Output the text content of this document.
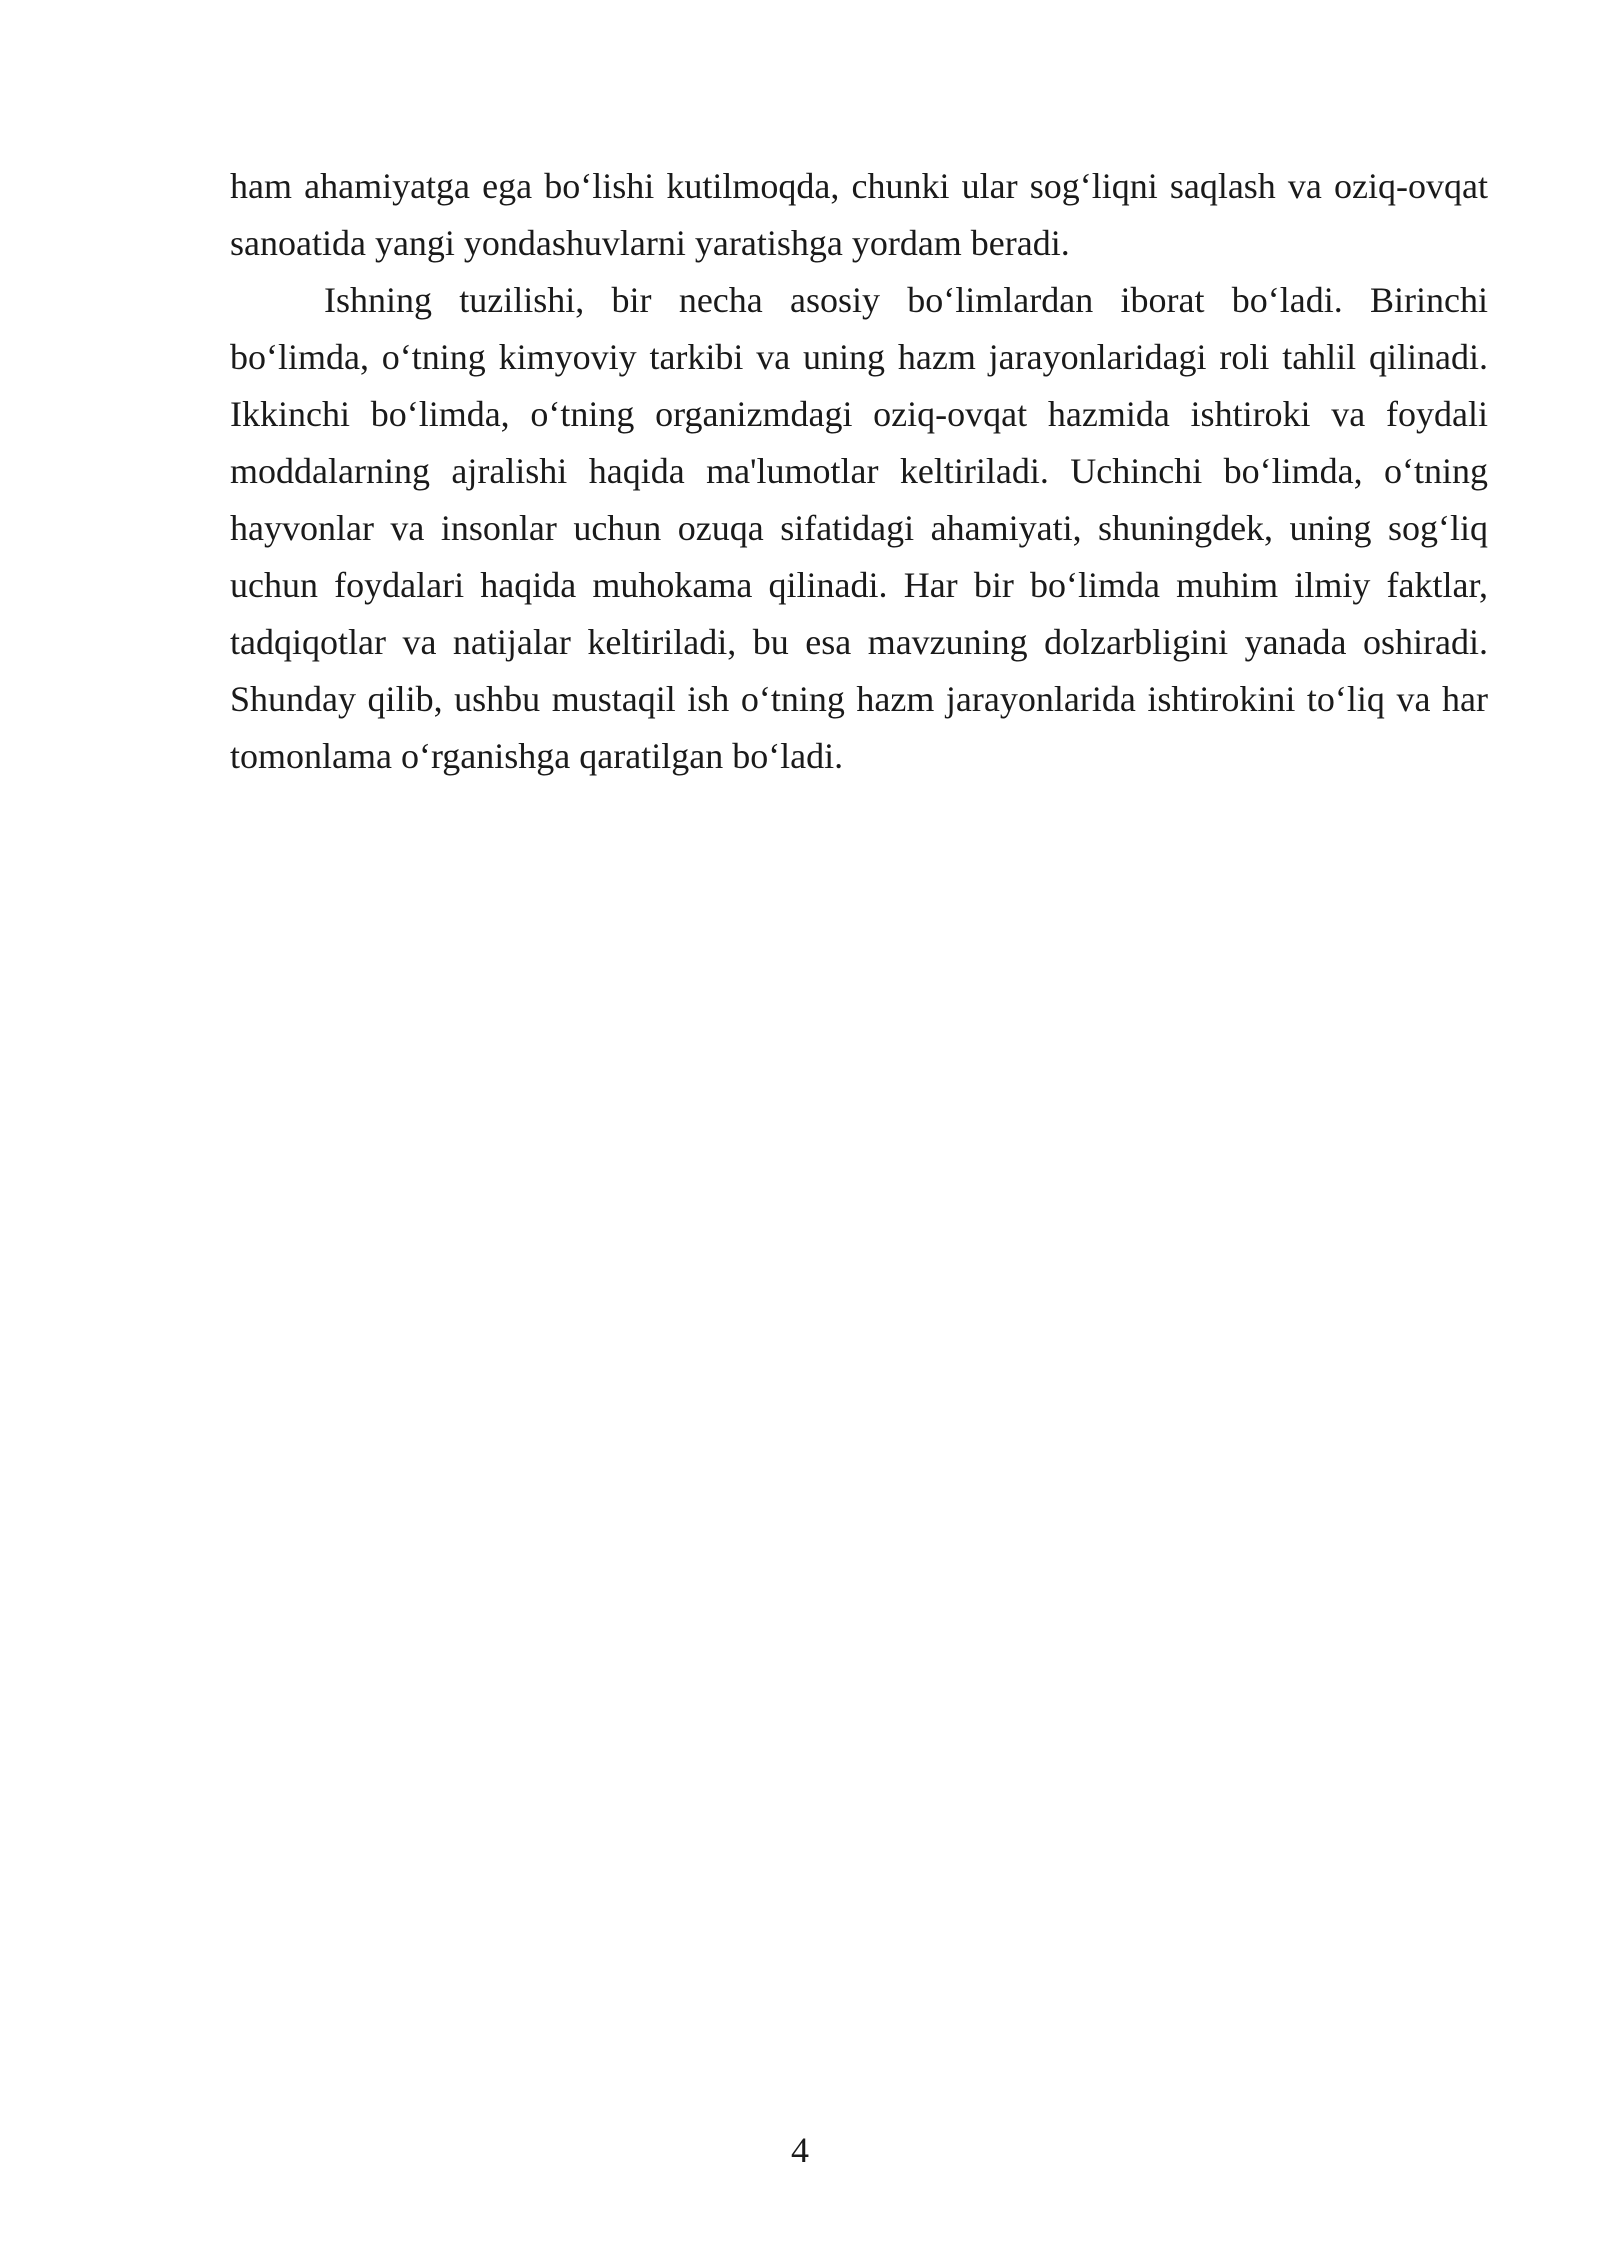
ham ahamiyatga ega bo‘lishi kutilmoqda, chunki ular sog‘liqni saqlash va oziq-ovqat sanoatida yangi yondashuvlarni yaratishga yordam beradi.

Ishning tuzilishi, bir necha asosiy bo‘limlardan iborat bo‘ladi. Birinchi bo‘limda, o‘tning kimyoviy tarkibi va uning hazm jarayonlaridagi roli tahlil qilinadi. Ikkinchi bo‘limda, o‘tning organizmdagi oziq-ovqat hazmida ishtiroki va foydali moddalarning ajralishi haqida ma'lumotlar keltiriladi. Uchinchi bo‘limda, o‘tning hayvonlar va insonlar uchun ozuqa sifatidagi ahamiyati, shuningdek, uning sog‘liq uchun foydalari haqida muhokama qilinadi. Har bir bo‘limda muhim ilmiy faktlar, tadqiqotlar va natijalar keltiriladi, bu esa mavzuning dolzarbligini yanada oshiradi. Shunday qilib, ushbu mustaqil ish o‘tning hazm jarayonlarida ishtirokini to‘liq va har tomonlama o‘rganishga qaratilgan bo‘ladi.

4
